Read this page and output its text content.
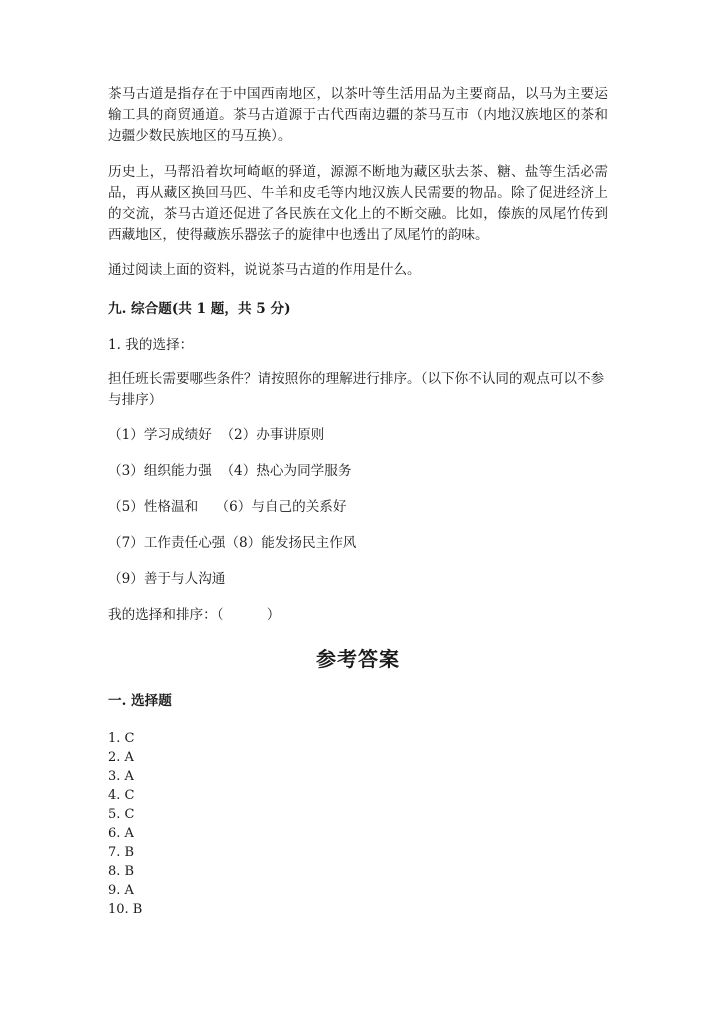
茶马古道是指存在于中国西南地区，以茶叶等生活用品为主要商品，以马为主要运输工具的商贸通道。茶马古道源于古代西南边疆的茶马互市（内地汉族地区的茶和边疆少数民族地区的马互换）。

历史上，马帮沿着坎坷崎岖的驿道，源源不断地为藏区驮去茶、糖、盐等生活必需品，再从藏区换回马匹、牛羊和皮毛等内地汉族人民需要的物品。除了促进经济上的交流，茶马古道还促进了各民族在文化上的不断交融。比如，傣族的凤尾竹传到西藏地区，使得藏族乐器弦子的旋律中也透出了凤尾竹的韵味。

通过阅读上面的资料，说说茶马古道的作用是什么。

九. 综合题(共 1 题，共 5 分)

1. 我的选择：

担任班长需要哪些条件？请按照你的理解进行排序。（以下你不认同的观点可以不参与排序）

（1）学习成绩好  （2）办事讲原则

（3）组织能力强  （4）热心为同学服务

（5）性格温和    （6）与自己的关系好

（7）工作责任心强（8）能发扬民主作风

（9）善于与人沟通

我的选择和排序：（          ）

参考答案

一. 选择题

1. C
2. A
3. A
4. C
5. C
6. A
7. B
8. B
9. A
10. B
